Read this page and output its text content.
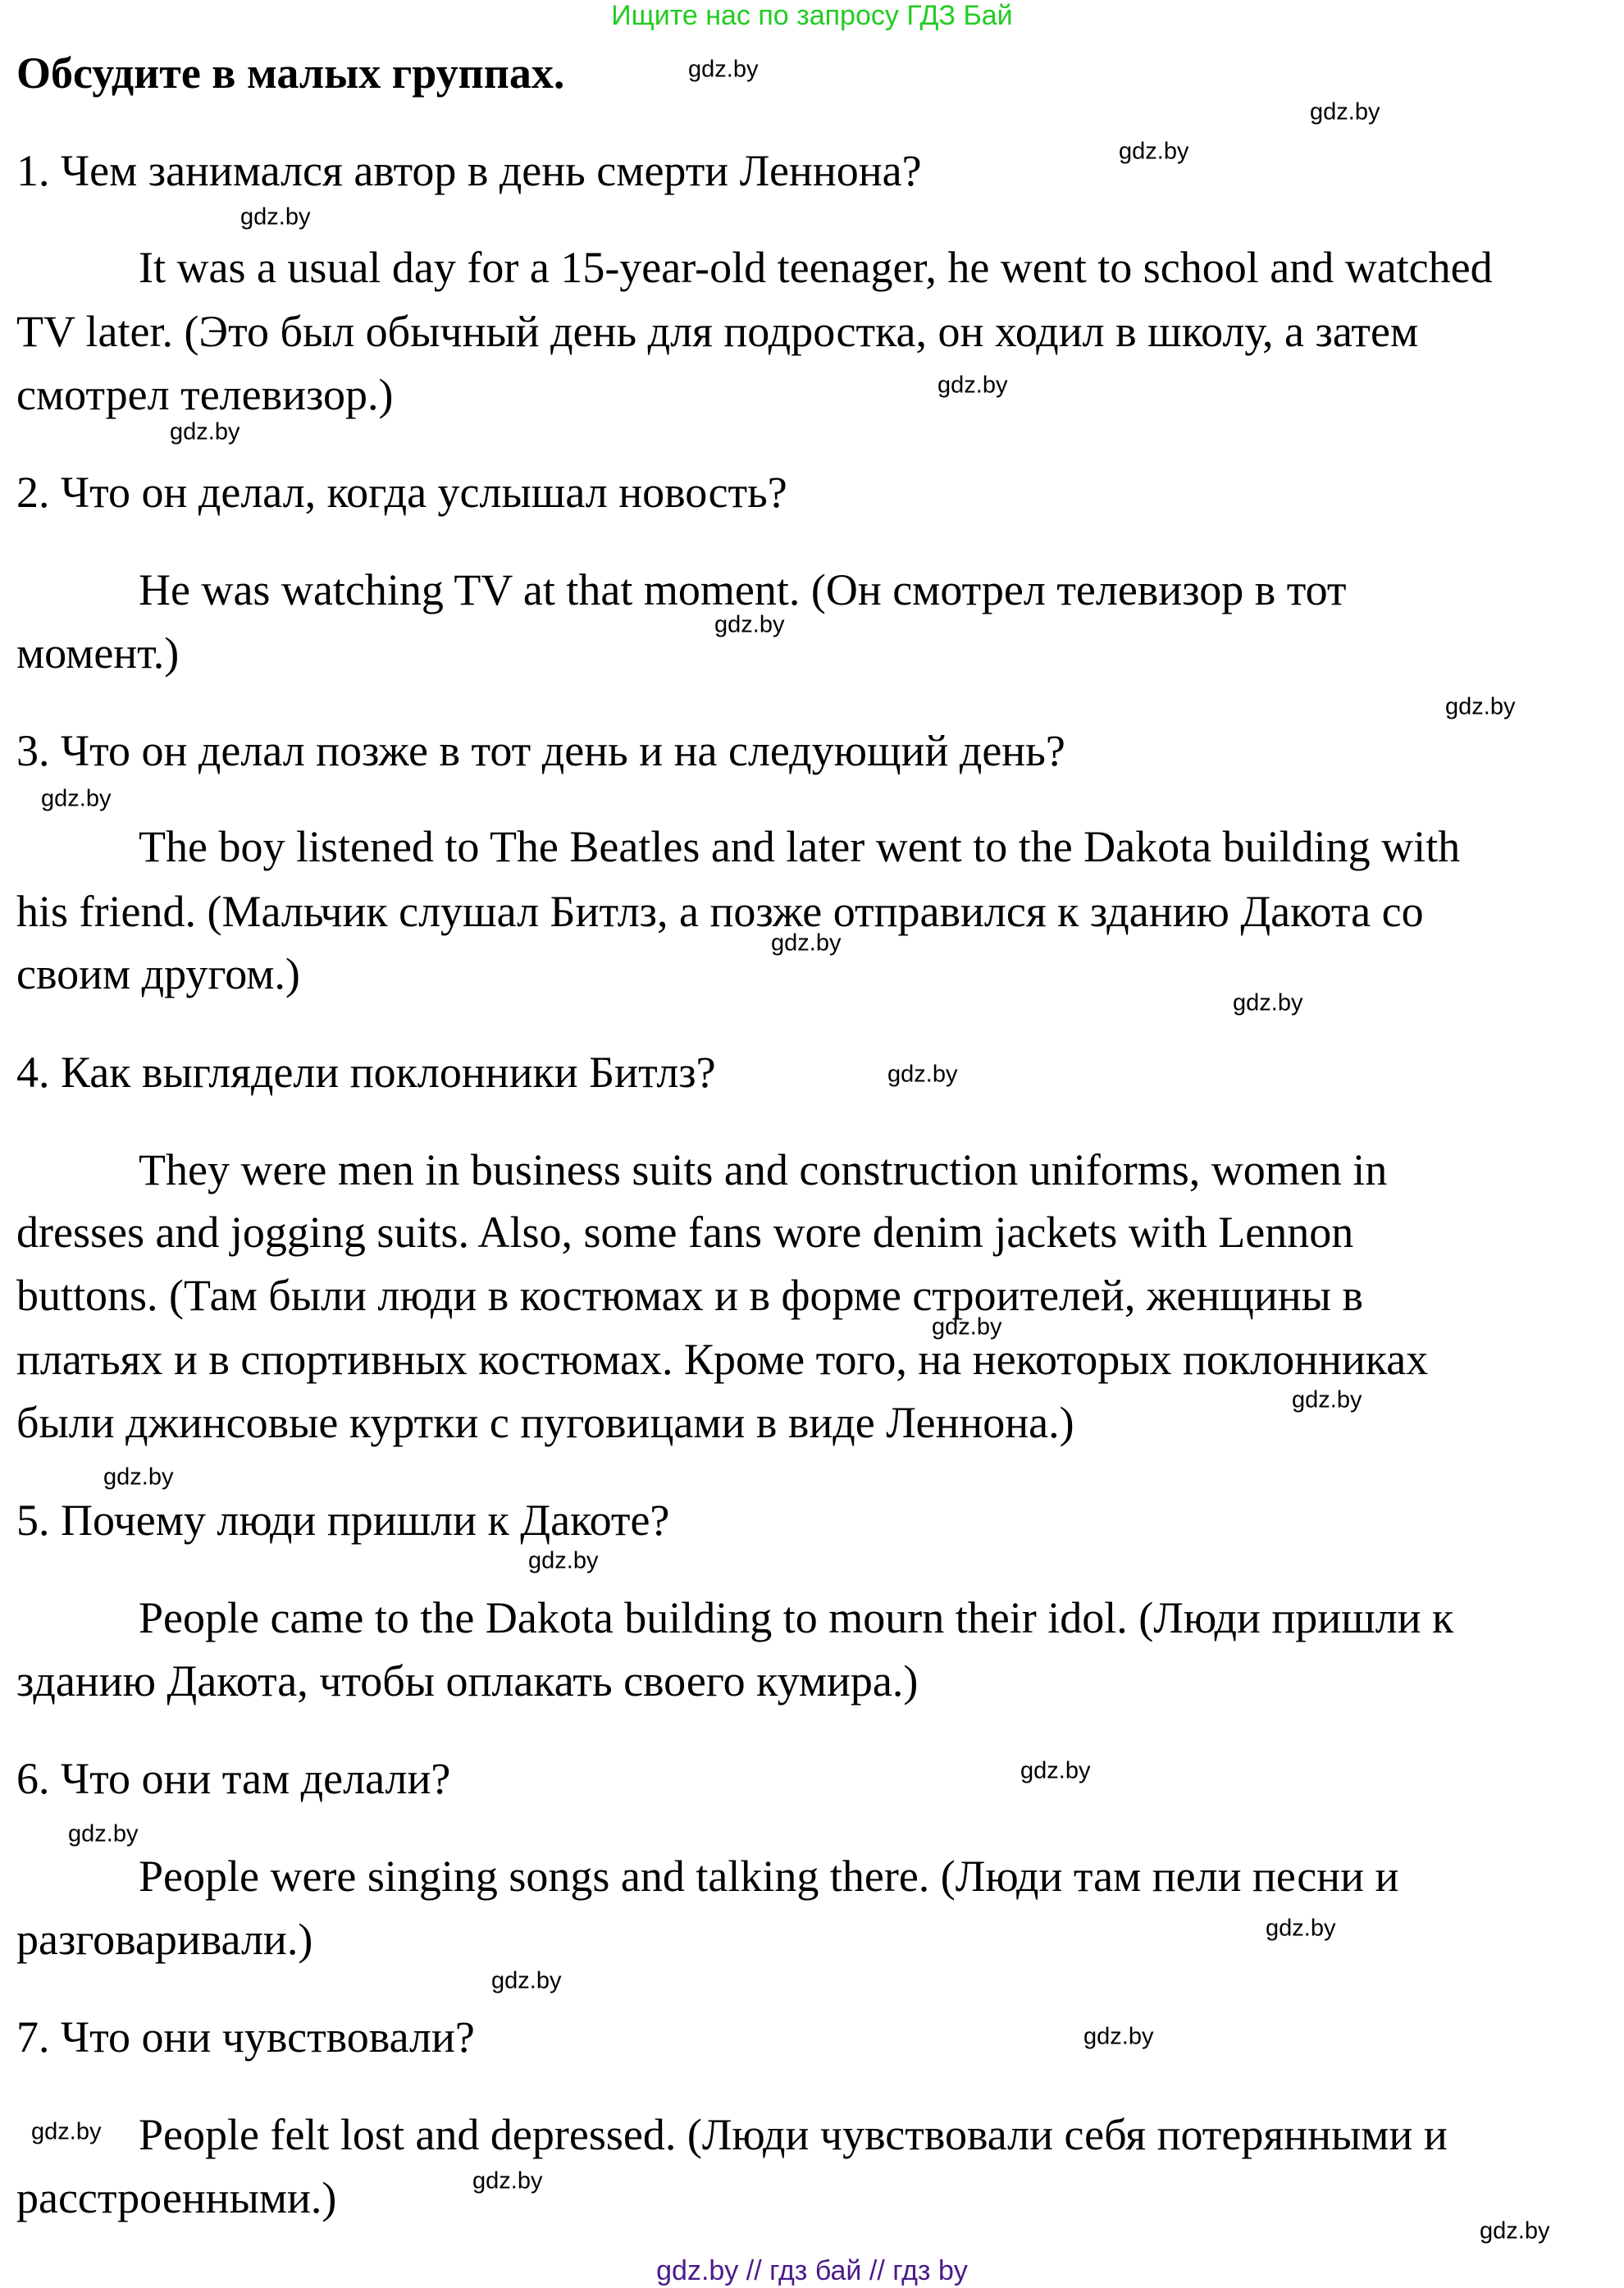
Ищите нас по запросу ГДЗ Бай
Обсудите в малых группах.
1. Чем занимался автор в день смерти Леннона?
It was a usual day for a 15-year-old teenager, he went to school and watched
TV later. (Это был обычный день для подростка, он ходил в школу, а затем
смотрел телевизор.)
2. Что он делал, когда услышал новость?
He was watching TV at that moment. (Он смотрел телевизор в тот
момент.)
3. Что он делал позже в тот день и на следующий день?
The boy listened to The Beatles and later went to the Dakota building with
his friend. (Мальчик слушал Битлз, а позже отправился к зданию Дакота со
своим другом.)
4. Как выглядели поклонники Битлз?
They were men in business suits and construction uniforms, women in
dresses and jogging suits. Also, some fans wore denim jackets with Lennon
buttons. (Там были люди в костюмах и в форме строителей, женщины в
платьях и в спортивных костюмах. Кроме того, на некоторых поклонниках
были джинсовые куртки с пуговицами в виде Леннона.)
5. Почему люди пришли к Дакоте?
People came to the Dakota building to mourn their idol. (Люди пришли к
зданию Дакота, чтобы оплакать своего кумира.)
6. Что они там делали?
People were singing songs and talking there. (Люди там пели песни и
разговаривали.)
7. Что они чувствовали?
People felt lost and depressed. (Люди чувствовали себя потерянными и
расстроенными.)
gdz.by
gdz.by
gdz.by
gdz.by
gdz.by
gdz.by
gdz.by
gdz.by
gdz.by
gdz.by
gdz.by
gdz.by
gdz.by
gdz.by
gdz.by
gdz.by
gdz.by
gdz.by
gdz.by
gdz.by
gdz.by
gdz.by
gdz.by
gdz.by
gdz.by // гдз бай // гдз by
